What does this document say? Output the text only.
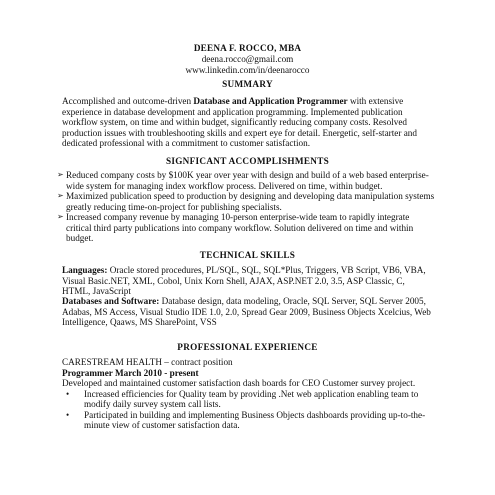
DEENA F. ROCCO, MBA
deena.rocco@gmail.com
www.linkedin.com/in/deenarocco
SUMMARY
Accomplished and outcome-driven Database and Application Programmer with extensive experience in database development and application programming. Implemented publication workflow system, on time and within budget, significantly reducing company costs. Resolved production issues with troubleshooting skills and expert eye for detail. Energetic, self-starter and dedicated professional with a commitment to customer satisfaction.
SIGNFICANT ACCOMPLISHMENTS
➢ Reduced company costs by $100K year over year with design and build of a web based enterprise-wide system for managing index workflow process. Delivered on time, within budget.
➢ Maximized publication speed to production by designing and developing data manipulation systems greatly reducing time-on-project for publishing specialists.
➢ Increased company revenue by managing 10-person enterprise-wide team to rapidly integrate critical third party publications into company workflow. Solution delivered on time and within budget.
TECHNICAL SKILLS
Languages: Oracle stored procedures, PL/SQL, SQL, SQL*Plus, Triggers, VB Script, VB6, VBA, Visual Basic.NET, XML, Cobol, Unix Korn Shell, AJAX, ASP.NET 2.0, 3.5, ASP Classic, C, HTML, JavaScript
Databases and Software: Database design, data modeling, Oracle, SQL Server, SQL Server 2005, Adabas, MS Access, Visual Studio IDE 1.0, 2.0, Spread Gear 2009, Business Objects Xcelcius, Web Intelligence, Qaaws, MS SharePoint, VSS
PROFESSIONAL EXPERIENCE
CARESTREAM HEALTH – contract position
Programmer March 2010 - present
Developed and maintained customer satisfaction dash boards for CEO Customer survey project.
• Increased efficiencies for Quality team by providing .Net web application enabling team to modify daily survey system call lists.
• Participated in building and implementing Business Objects dashboards providing up-to-the-minute view of customer satisfaction data.
